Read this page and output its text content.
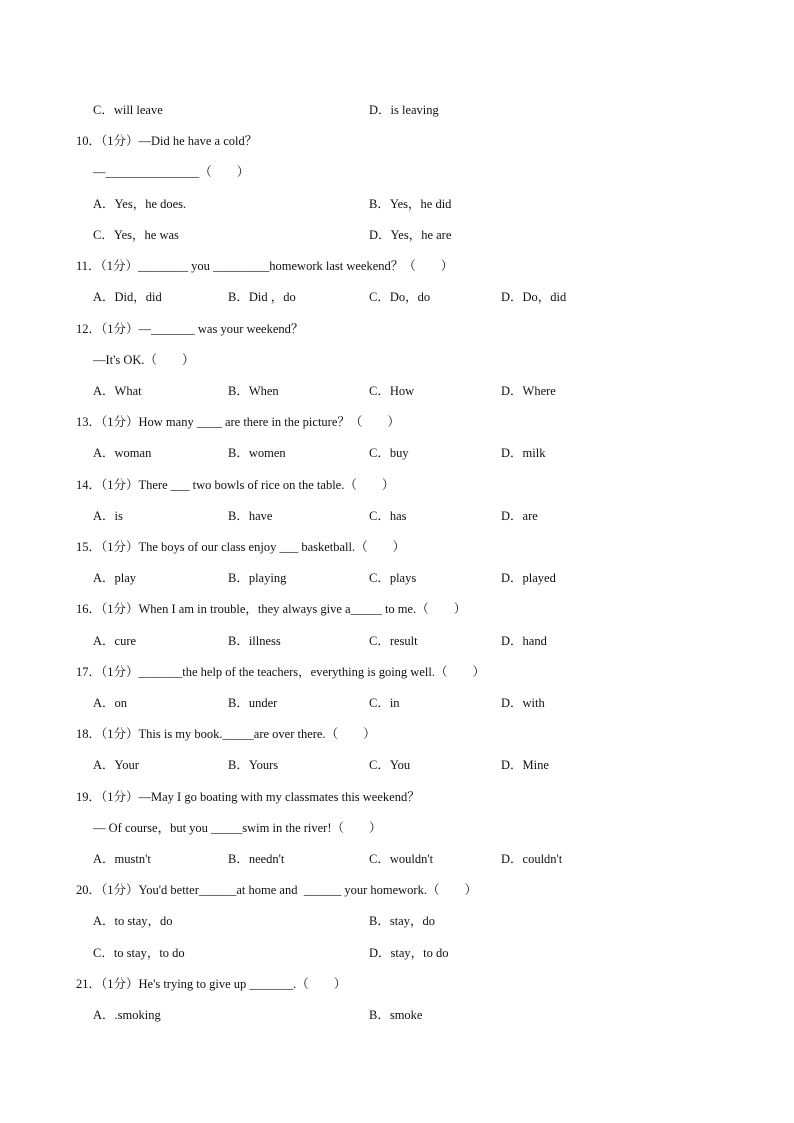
C．will leave	D．is leaving
10．（1分）—Did he have a cold？
—_______________（　　）
A．Yes，he does.	B．Yes，he did
C．Yes，he was	D．Yes，he are
11．（1分）________ you _________homework last weekend？（　　）
A．Did，did	B．Did ，do	C．Do，do	D．Do，did
12．（1分）—_______ was your weekend？
—It's OK.（　　）
A．What	B．When	C．How	D．Where
13．（1分）How many ____ are there in the picture？（　　）
A．woman	B．women	C．buy	D．milk
14．（1分）There ___ two bowls of rice on the table.（　　）
A．is	B．have	C．has	D．are
15．（1分）The boys of our class enjoy ___ basketball.（　　）
A．play	B．playing	C．plays	D．played
16．（1分）When I am in trouble，they always give a_____ to me.（　　）
A．cure	B．illness	C．result	D．hand
17．（1分）_______the help of the teachers，everything is going well.（　　）
A．on	B．under	C．in	D．with
18．（1分）This is my book._____are over there.（　　）
A．Your	B．Yours	C．You	D．Mine
19．（1分）—May I go boating with my classmates this weekend？
— Of course，but you _____swim in the river!（　　）
A．mustn't	B．needn't	C．wouldn't	D．couldn't
20．（1分）You'd better______at home and  ______ your homework.（　　）
A．to stay，do	B．stay，do
C．to stay，to do	D．stay，to do
21．（1分）He's trying to give up _______.（　　）
A．.smoking	B．smoke
